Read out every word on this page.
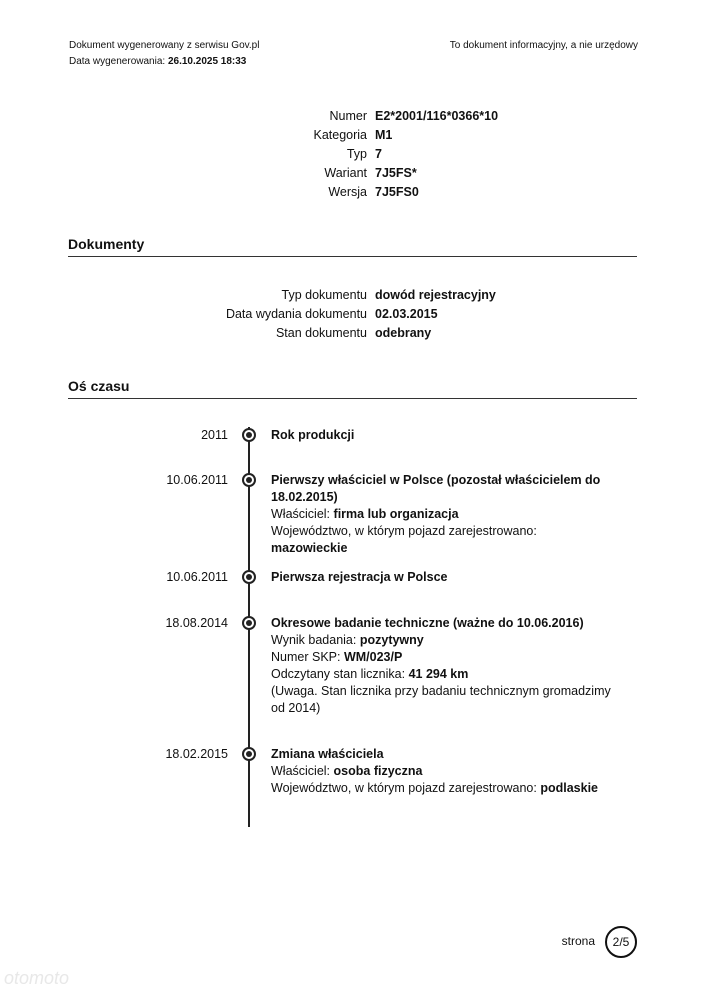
Dokument wygenerowany z serwisu Gov.pl
Data wygenerowania: 26.10.2025 18:33
To dokument informacyjny, a nie urzędowy
Numer E2*2001/116*0366*10
Kategoria M1
Typ 7
Wariant 7J5FS*
Wersja 7J5FS0
Dokumenty
Typ dokumentu dowód rejestracyjny
Data wydania dokumentu 02.03.2015
Stan dokumentu odebrany
Oś czasu
2011	Rok produkcji
10.06.2011	Pierwszy właściciel w Polsce (pozostał właścicielem do 18.02.2015)
Właściciel: firma lub organizacja
Województwo, w którym pojazd zarejestrowano: mazowieckie
10.06.2011	Pierwsza rejestracja w Polsce
18.08.2014	Okresowe badanie techniczne (ważne do 10.06.2016)
Wynik badania: pozytywny
Numer SKP: WM/023/P
Odczytany stan licznika: 41 294 km
(Uwaga. Stan licznika przy badaniu technicznym gromadzimy od 2014)
18.02.2015	Zmiana właściciela
Właściciel: osoba fizyczna
Województwo, w którym pojazd zarejestrowano: podlaskie
strona	2/5
otomoto
